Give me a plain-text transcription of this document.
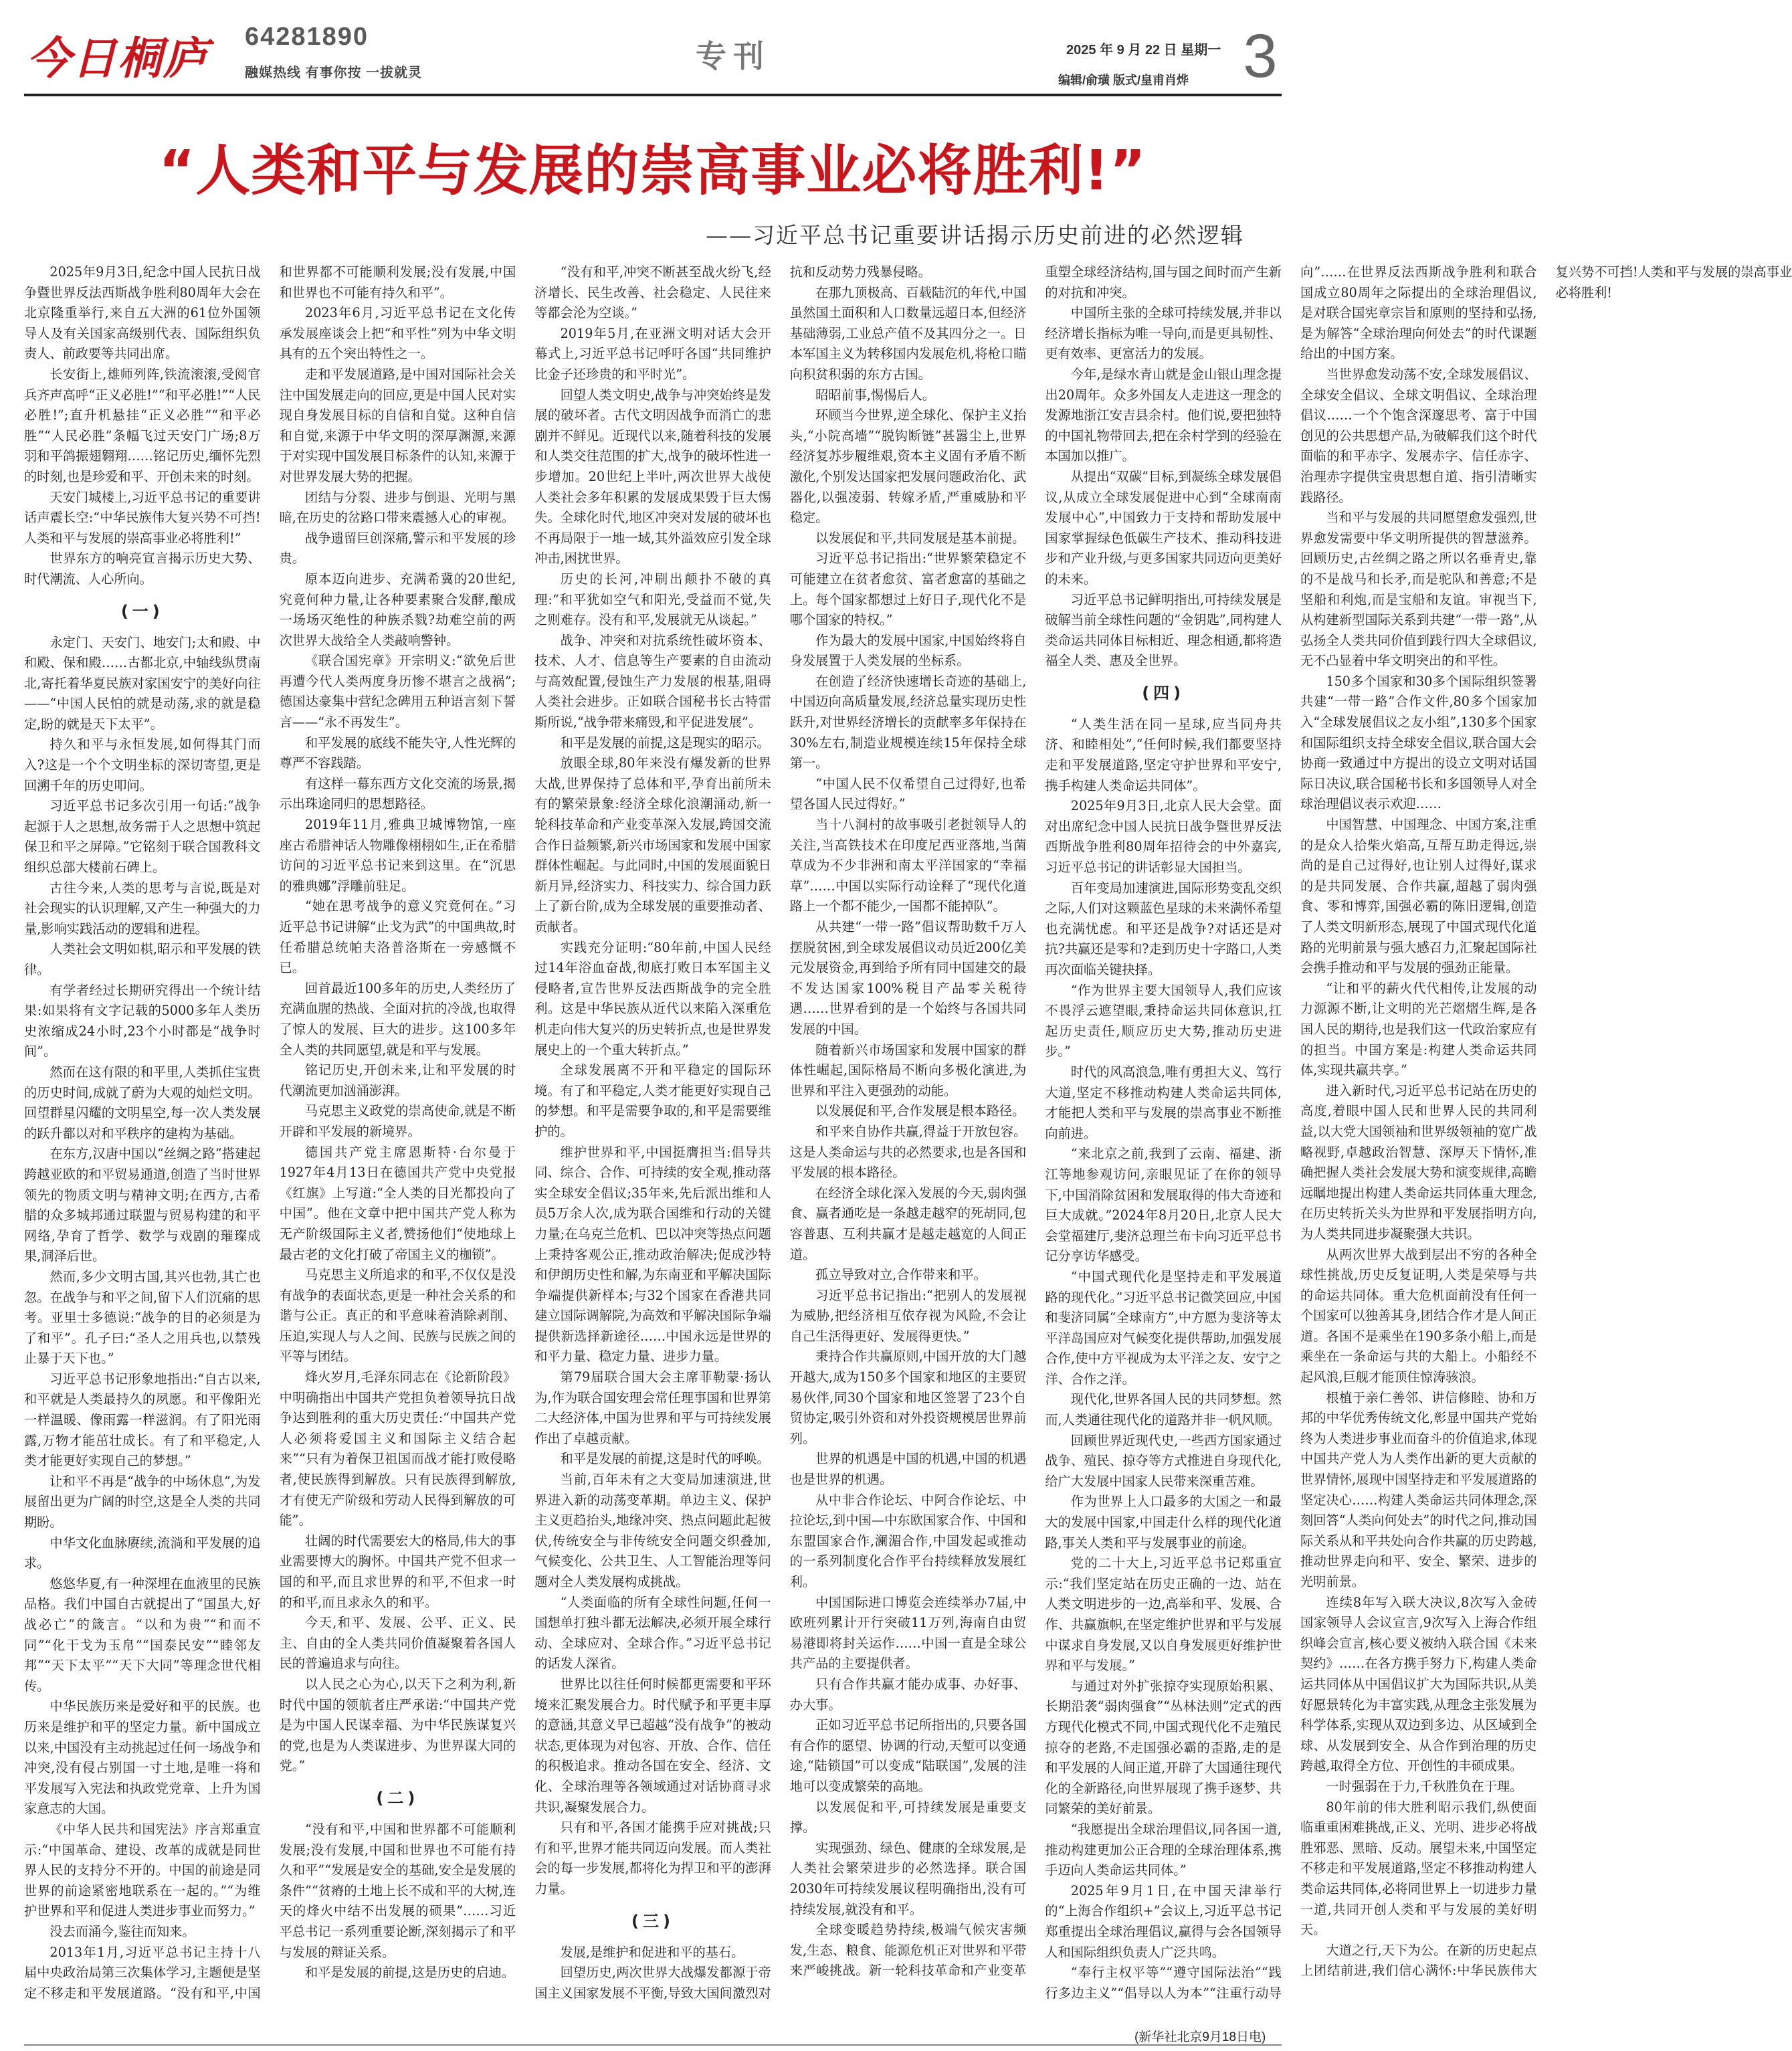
今日桐庐 64281890
融媒热线 有事你按 一拔就灵	专刊	2025 年 9 月 22 日 星期一
编辑/俞璜 版式/皇甫肖烨 3
“人类和平与发展的崇高事业必将胜利!”
——习近平总书记重要讲话揭示历史前进的必然逻辑

2025年9月3日,纪念中国人民抗日战争暨世界反法西斯战争胜利80周年大会在北京隆重举行,来自五大洲的61位外国领导人及有关国家高级别代表、国际组织负责人、前政要等共同出席。

长安街上,雄师列阵,铁流滚滚,受阅官兵齐声高呼“正义必胜!”“和平必胜!”“人民必胜!”;直升机悬挂“正义必胜”“和平必胜”“人民必胜”条幅飞过天安门广场;8万羽和平鸽振翅翱翔……铭记历史,缅怀先烈的时刻,也是珍爱和平、开创未来的时刻。

天安门城楼上,习近平总书记的重要讲话声震长空:“中华民族伟大复兴势不可挡!人类和平与发展的崇高事业必将胜利!”

世界东方的响亮宣言揭示历史大势、时代潮流、人心所向。

(一)

永定门、天安门、地安门;太和殿、中和殿、保和殿……古都北京,中轴线纵贯南北,寄托着华夏民族对家国安宁的美好向往——“中国人民怕的就是动荡,求的就是稳定,盼的就是天下太平”。

持久和平与永恒发展,如何得其门而入?这是一个个文明坐标的深切寄望,更是回溯千年的历史叩问。

习近平总书记多次引用一句话:“战争起源于人之思想,故务需于人之思想中筑起保卫和平之屏障。”它铭刻于联合国教科文组织总部大楼前石碑上。

古往今来,人类的思考与言说,既是对社会现实的认识理解,又产生一种强大的力量,影响实践活动的逻辑和进程。

人类社会文明如棋,昭示和平发展的铁律。

有学者经过长期研究得出一个统计结果:如果将有文字记载的5000多年人类历史浓缩成24小时,23个小时都是“战争时间”。

然而在这有限的和平里,人类抓住宝贵的历史时间,成就了蔚为大观的灿烂文明。回望群星闪耀的文明星空,每一次人类发展的跃升都以对和平秩序的建构为基础。

在东方,汉唐中国以“丝绸之路”搭建起跨越亚欧的和平贸易通道,创造了当时世界领先的物质文明与精神文明;在西方,古希腊的众多城邦通过联盟与贸易构建的和平网络,孕育了哲学、数学与戏剧的璀璨成果,洞泽后世。

然而,多少文明古国,其兴也勃,其亡也忽。在战争与和平之间,留下人们沉痛的思考。亚里士多德说:“战争的目的必须是为了和平”。孔子曰:“圣人之用兵也,以禁残止暴于天下也。”

习近平总书记形象地指出:“自古以来,和平就是人类最持久的夙愿。和平像阳光一样温暖、像雨露一样滋润。有了阳光雨露,万物才能茁壮成长。有了和平稳定,人类才能更好实现自己的梦想。”

让和平不再是“战争的中场休息”,为发展留出更为广阔的时空,这是全人类的共同期盼。

中华文化血脉赓续,流淌和平发展的追求。

悠悠华夏,有一种深埋在血液里的民族品格。我们中国自古就提出了“国虽大,好战必亡”的箴言。“以和为贵”“和而不同”“化干戈为玉帛”“国泰民安”“睦邻友邦”“天下太平”“天下大同”等理念世代相传。

中华民族历来是爱好和平的民族。也历来是维护和平的坚定力量。新中国成立以来,中国没有主动挑起过任何一场战争和冲突,没有侵占别国一寸土地,是唯一将和平发展写入宪法和执政党党章、上升为国家意志的大国。

《中华人民共和国宪法》序言郑重宣示:“中国革命、建设、改革的成就是同世界人民的支持分不开的。中国的前途是同世界的前途紧密地联系在一起的。”“为维护世界和平和促进人类进步事业而努力。”

没去而涌今,鉴往而知来。

2013年1月,习近平总书记主持十八届中央政治局第三次集体学习,主题便是坚定不移走和平发展道路。“没有和平,中国和世界都不可能顺利发展;没有发展,中国和世界也不可能有持久和平”。

2023年6月,习近平总书记在文化传承发展座谈会上把“和平性”列为中华文明具有的五个突出特性之一。

走和平发展道路,是中国对国际社会关注中国发展走向的回应,更是中国人民对实现自身发展目标的自信和自觉。这种自信和自觉,来源于中华文明的深厚渊源,来源于对实现中国发展目标条件的认知,来源于对世界发展大势的把握。

团结与分裂、进步与倒退、光明与黑暗,在历史的岔路口带来震撼人心的审视。

战争遗留巨创深痛,警示和平发展的珍贵。

原本迈向进步、充满希冀的20世纪,究竟何种力量,让各种要素聚合发酵,酿成一场场灭绝性的种族杀戮?劫难空前的两次世界大战给全人类敲响警钟。

《联合国宪章》开宗明义:“欲免后世再遭今代人类两度身历惨不堪言之战祸”;德国达豪集中营纪念碑用五种语言刻下誓言——“永不再发生”。

和平发展的底线不能失守,人性光辉的尊严不容践踏。

有这样一幕东西方文化交流的场景,揭示出珠途同归的思想路径。

2019年11月,雅典卫城博物馆,一座座古希腊神话人物雕像栩栩如生,正在希腊访问的习近平总书记来到这里。在“沉思的雅典娜”浮雕前驻足。

“她在思考战争的意义究竟何在。”习近平总书记讲解“止戈为武”的中国典故,时任希腊总统帕夫洛普洛斯在一旁感慨不已。

回首最近100多年的历史,人类经历了充满血腥的热战、全面对抗的冷战,也取得了惊人的发展、巨大的进步。这100多年全人类的共同愿望,就是和平与发展。

铭记历史,开创未来,让和平发展的时代潮流更加汹涌澎湃。

马克思主义政党的崇高使命,就是不断开辟和平发展的新境界。

德国共产党主席恩斯特·台尔曼于1927年4月13日在德国共产党中央党报《红旗》上写道:“全人类的目光都投向了中国”。他在文章中把中国共产党人称为无产阶级国际主义者,赞扬他们“使地球上最古老的文化打破了帝国主义的枷锁”。

马克思主义所追求的和平,不仅仅是没有战争的表面状态,更是一种社会关系的和谐与公正。真正的和平意味着消除剥削、压迫,实现人与人之间、民族与民族之间的平等与团结。

烽火岁月,毛泽东同志在《论新阶段》中明确指出中国共产党担负着领导抗日战争达到胜利的重大历史责任:“中国共产党人必须将爱国主义和国际主义结合起来”“只有为着保卫祖国而战才能打败侵略者,使民族得到解放。只有民族得到解放,才有使无产阶级和劳动人民得到解放的可能”。

壮阔的时代需要宏大的格局,伟大的事业需要博大的胸怀。中国共产党不但求一国的和平,而且求世界的和平,不但求一时的和平,而且求永久的和平。

今天,和平、发展、公平、正义、民主、自由的全人类共同价值凝聚着各国人民的普遍追求与向往。

以人民之心为心,以天下之利为利,新时代中国的领航者庄严承诺:“中国共产党是为中国人民谋幸福、为中华民族谋复兴的党,也是为人类谋进步、为世界谋大同的党。”

(二)

“没有和平,中国和世界都不可能顺利发展;没有发展,中国和世界也不可能有持久和平”“发展是安全的基础,安全是发展的条件”“贫瘠的土地上长不成和平的大树,连天的烽火中结不出发展的硕果”……习近平总书记一系列重要论断,深刻揭示了和平与发展的辩证关系。

和平是发展的前提,这是历史的启迪。

“没有和平,冲突不断甚至战火纷飞,经济增长、民生改善、社会稳定、人民往来等都会沦为空谈。”

2019年5月,在亚洲文明对话大会开幕式上,习近平总书记呼吁各国“共同维护比金子还珍贵的和平时光”。

回望人类文明史,战争与冲突始终是发展的破坏者。古代文明因战争而消亡的悲剧并不鲜见。近现代以来,随着科技的发展和人类交往范围的扩大,战争的破坏性进一步增加。20世纪上半叶,两次世界大战使人类社会多年积累的发展成果毁于巨大惕失。全球化时代,地区冲突对发展的破坏也不再局限于一地一域,其外溢效应引发全球冲击,困扰世界。

历史的长河,冲刷出颠扑不破的真理:“和平犹如空气和阳光,受益而不觉,失之则难存。没有和平,发展就无从谈起。”

战争、冲突和对抗系统性破坏资本、技术、人才、信息等生产要素的自由流动与高效配置,侵蚀生产力发展的根基,阻碍人类社会进步。正如联合国秘书长古特雷斯所说,“战争带来痛毁,和平促进发展”。

和平是发展的前提,这是现实的昭示。

放眼全球,80年来没有爆发新的世界大战,世界保持了总体和平,孕育出前所未有的繁荣景象:经济全球化浪潮涌动,新一轮科技革命和产业变革深入发展,跨国交流合作日益频繁,新兴市场国家和发展中国家群体性崛起。与此同时,中国的发展面貌日新月异,经济实力、科技实力、综合国力跃上了新台阶,成为全球发展的重要推动者、贡献者。

实践充分证明:“80年前,中国人民经过14年浴血奋战,彻底打败日本军国主义侵略者,宣告世界反法西斯战争的完全胜利。这是中华民族从近代以来陷入深重危机走向伟大复兴的历史转折点,也是世界发展史上的一个重大转折点。”

全球发展离不开和平稳定的国际环境。有了和平稳定,人类才能更好实现自己的梦想。和平是需要争取的,和平是需要维护的。

维护世界和平,中国挺膺担当:倡导共同、综合、合作、可持续的安全观,推动落实全球安全倡议;35年来,先后派出维和人员5万余人次,成为联合国维和行动的关键力量;在乌克兰危机、巴以冲突等热点问题上秉持客观公正,推动政治解决;促成沙特和伊朗历史性和解,为东南亚和平解决国际争端提供新样本;与32个国家在香港共同建立国际调解院,为高效和平解决国际争端提供新选择新途径……中国永远是世界的和平力量、稳定力量、进步力量。

第79届联合国大会主席菲勒蒙·扬认为,作为联合国安理会常任理事国和世界第二大经济体,中国为世界和平与可持续发展作出了卓越贡献。

和平是发展的前提,这是时代的呼唤。

当前,百年未有之大变局加速演进,世界进入新的动荡变革期。单边主义、保护主义更趋抬头,地缘冲突、热点问题此起彼伏,传统安全与非传统安全问题交织叠加,气候变化、公共卫生、人工智能治理等问题对全人类发展构成挑战。

“人类面临的所有全球性问题,任何一国想单打独斗都无法解决,必须开展全球行动、全球应对、全球合作。”习近平总书记的话发人深省。

世界比以往任何时候都更需要和平环境来汇聚发展合力。时代赋予和平更丰厚的意涵,其意义早已超越“没有战争”的被动状态,更体现为对包容、开放、合作、信任的积极追求。推动各国在安全、经济、文化、全球治理等各领域通过对话协商寻求共识,凝聚发展合力。

只有和平,各国才能携手应对挑战;只有和平,世界才能共同迈向发展。而人类社会的每一步发展,都将化为捍卫和平的澎湃力量。

(三)

发展,是维护和促进和平的基石。

回望历史,两次世界大战爆发都源于帝国主义国家发展不平衡,导致大国间激烈对抗和反动势力残暴侵略。

在那九顶极高、百载陆沉的年代,中国虽然国土面积和人口数量远超日本,但经济基础薄弱,工业总产值不及其四分之一。日本军国主义为转移国内发展危机,将枪口瞄向积贫积弱的东方古国。

昭昭前事,惕惕后人。

环顾当今世界,逆全球化、保护主义抬头,“小院高墙”“脱钩断链”甚嚣尘上,世界经济复苏步履维艰,资本主义固有矛盾不断激化,个别发达国家把发展问题政治化、武器化,以强凌弱、转嫁矛盾,严重威胁和平稳定。

以发展促和平,共同发展是基本前提。

习近平总书记指出:“世界繁荣稳定不可能建立在贫者愈贫、富者愈富的基础之上。每个国家都想过上好日子,现代化不是哪个国家的特权。”

作为最大的发展中国家,中国始终将自身发展置于人类发展的坐标系。

在创造了经济快速增长奇迹的基础上,中国迈向高质量发展,经济总量实现历史性跃升,对世界经济增长的贡献率多年保持在30%左右,制造业规模连续15年保持全球第一。

“中国人民不仅希望自己过得好,也希望各国人民过得好。”

当十八洞村的故事吸引老挝领导人的关注,当高铁技术在印度尼西亚落地,当菌草成为不少非洲和南太平洋国家的“幸福草”……中国以实际行动诠释了“现代化道路上一个都不能少,一国都不能掉队”。

从共建“一带一路”倡议帮助数千万人摆脱贫困,到全球发展倡议动员近200亿美元发展资金,再到给予所有同中国建交的最不发达国家100%税目产品零关税待遇……世界看到的是一个始终与各国共同发展的中国。

随着新兴市场国家和发展中国家的群体性崛起,国际格局不断向多极化演进,为世界和平注入更强劲的动能。

以发展促和平,合作发展是根本路径。

和平来自协作共赢,得益于开放包容。这是人类命运与共的必然要求,也是各国和平发展的根本路径。

在经济全球化深入发展的今天,弱肉强食、赢者通吃是一条越走越窄的死胡同,包容普惠、互利共赢才是越走越宽的人间正道。

孤立导致对立,合作带来和平。

习近平总书记指出:“把别人的发展视为威胁,把经济相互依存视为风险,不会让自己生活得更好、发展得更快。”

秉持合作共赢原则,中国开放的大门越开越大,成为150多个国家和地区的主要贸易伙伴,同30个国家和地区签署了23个自贸协定,吸引外资和对外投资规模居世界前列。

世界的机遇是中国的机遇,中国的机遇也是世界的机遇。

从中非合作论坛、中阿合作论坛、中拉论坛,到中国—中东欧国家合作、中国和东盟国家合作,澜湄合作,中国发起或推动的一系列制度化合作平台持续释放发展红利。

中国国际进口博览会连续举办7届,中欧班列累计开行突破11万列,海南自由贸易港即将封关运作……中国一直是全球公共产品的主要提供者。

只有合作共赢才能办成事、办好事、办大事。

正如习近平总书记所指出的,只要各国有合作的愿望、协调的行动,天堑可以变通途,“陆锁国”可以变成“陆联国”,发展的洼地可以变成繁荣的高地。

以发展促和平,可持续发展是重要支撑。

实现强劲、绿色、健康的全球发展,是人类社会繁荣进步的必然选择。联合国2030年可持续发展议程明确指出,没有可持续发展,就没有和平。

全球变暖趋势持续,极端气候灾害频发,生态、粮食、能源危机正对世界和平带来严峻挑战。新一轮科技革命和产业变革重塑全球经济结构,国与国之间时而产生新的对抗和冲突。

中国所主张的全球可持续发展,并非以经济增长指标为唯一导向,而是更具韧性、更有效率、更富活力的发展。

今年,是绿水青山就是金山银山理念提出20周年。众多外国友人走进这一理念的发源地浙江安吉县余村。他们说,要把独特的中国礼物带回去,把在余村学到的经验在本国加以推广。

从提出“双碳”目标,到凝练全球发展倡议,从成立全球发展促进中心到“全球南南发展中心”,中国致力于支持和帮助发展中国家掌握绿色低碳生产技术、推动科技进步和产业升级,与更多国家共同迈向更美好的未来。

习近平总书记鲜明指出,可持续发展是破解当前全球性问题的“金钥匙”,同构建人类命运共同体目标相近、理念相通,都将造福全人类、惠及全世界。

(四)

“人类生活在同一星球,应当同舟共济、和睦相处”,“任何时候,我们都要坚持走和平发展道路,坚定守护世界和平安宁,携手构建人类命运共同体”。

2025年9月3日,北京人民大会堂。面对出席纪念中国人民抗日战争暨世界反法西斯战争胜利80周年招待会的中外嘉宾,习近平总书记的讲话彰显大国担当。

百年变局加速演进,国际形势变乱交织之际,人们对这颗蓝色星球的未来满怀希望也充满忧虑。和平还是战争?对话还是对抗?共赢还是零和?走到历史十字路口,人类再次面临关键抉择。

“作为世界主要大国领导人,我们应该不畏浮云遮望眼,秉持命运共同体意识,扛起历史责任,顺应历史大势,推动历史进步。”

时代的风高浪急,唯有勇担大义、笃行大道,坚定不移推动构建人类命运共同体,才能把人类和平与发展的崇高事业不断推向前进。

“来北京之前,我到了云南、福建、浙江等地参观访问,亲眼见证了在你的领导下,中国消除贫困和发展取得的伟大奇迹和巨大成就。”2024年8月20日,北京人民大会堂福建厅,斐济总理兰布卡向习近平总书记分享访华感受。

“中国式现代化是坚持走和平发展道路的现代化。”习近平总书记微笑回应,中国和斐济同属“全球南方”,中方愿为斐济等太平洋岛国应对气候变化提供帮助,加强发展合作,使中方平视成为太平洋之友、安宁之洋、合作之洋。

现代化,世界各国人民的共同梦想。然而,人类通往现代化的道路并非一帆风顺。

回顾世界近现代史,一些西方国家通过战争、殖民、掠夺等方式推进自身现代化,给广大发展中国家人民带来深重苦难。

作为世界上人口最多的大国之一和最大的发展中国家,中国走什么样的现代化道路,事关人类和平与发展事业的前途。

党的二十大上,习近平总书记郑重宣示:“我们坚定站在历史正确的一边、站在人类文明进步的一边,高举和平、发展、合作、共赢旗帜,在坚定维护世界和平与发展中谋求自身发展,又以自身发展更好维护世界和平与发展。”

与通过对外扩张掠夺实现原始积累、长期沿袭“弱肉强食”“丛林法则”定式的西方现代化模式不同,中国式现代化不走殖民掠夺的老路,不走国强必霸的歪路,走的是和平发展的人间正道,开辟了大国通往现代化的全新路径,向世界展现了携手逐梦、共同繁荣的美好前景。

“我愿提出全球治理倡议,同各国一道,推动构建更加公正合理的全球治理体系,携手迈向人类命运共同体。”

2025年9月1日,在中国天津举行的“上海合作组织+”会议上,习近平总书记郑重提出全球治理倡议,赢得与会各国领导人和国际组织负责人广泛共鸣。

“奉行主权平等”“遵守国际法治”“践行多边主义”“倡导以人为本”“注重行动导向”……在世界反法西斯战争胜利和联合国成立80周年之际提出的全球治理倡议,是对联合国宪章宗旨和原则的坚持和弘扬,是为解答“全球治理向何处去”的时代课题给出的中国方案。

当世界愈发动荡不安,全球发展倡议、全球安全倡议、全球文明倡议、全球治理倡议……一个个饱含深邃思考、富于中国创见的公共思想产品,为破解我们这个时代面临的和平赤字、发展赤字、信任赤字、治理赤字提供宝贵思想自道、指引清晰实践路径。

当和平与发展的共同愿望愈发强烈,世界愈发需要中华文明所提供的智慧滋养。回顾历史,古丝绸之路之所以名垂青史,靠的不是战马和长矛,而是驼队和善意;不是坚船和利炮,而是宝船和友谊。审视当下,从构建新型国际关系到共建“一带一路”,从弘扬全人类共同价值到践行四大全球倡议,无不凸显着中华文明突出的和平性。

150多个国家和30多个国际组织签署共建“一带一路”合作文件,80多个国家加入“全球发展倡议之友小组”,130多个国家和国际组织支持全球安全倡议,联合国大会协商一致通过中方提出的设立文明对话国际日决议,联合国秘书长和多国领导人对全球治理倡议表示欢迎……

中国智慧、中国理念、中国方案,注重的是众人拾柴火焰高,互帮互助走得远,崇尚的是自己过得好,也让别人过得好,谋求的是共同发展、合作共赢,超越了弱肉强食、零和博弈,国强必霸的陈旧逻辑,创造了人类文明新形态,展现了中国式现代化道路的光明前景与强大感召力,汇聚起国际社会携手推动和平与发展的强劲正能量。

“让和平的薪火代代相传,让发展的动力源源不断,让文明的光芒熠熠生辉,是各国人民的期待,也是我们这一代政治家应有的担当。中国方案是:构建人类命运共同体,实现共赢共享。”

进入新时代,习近平总书记站在历史的高度,着眼中国人民和世界人民的共同利益,以大党大国领袖和世界级领袖的宽广战略视野,卓越政治智慧、深厚天下情怀,准确把握人类社会发展大势和演变规律,高瞻远瞩地提出构建人类命运共同体重大理念,在历史转折关头为世界和平发展指明方向,为人类共同进步凝聚强大共识。

从两次世界大战到层出不穷的各种全球性挑战,历史反复证明,人类是荣辱与共的命运共同体。重大危机面前没有任何一个国家可以独善其身,团结合作才是人间正道。各国不是乘坐在190多条小船上,而是乘坐在一条命运与共的大船上。小船经不起风浪,巨舰才能顶住惊涛骇浪。

根植于亲仁善邻、讲信修睦、协和万邦的中华优秀传统文化,彰显中国共产党始终为人类进步事业而奋斗的价值追求,体现中国共产党人为人类作出新的更大贡献的世界情怀,展现中国坚持走和平发展道路的坚定决心……构建人类命运共同体理念,深刻回答“人类向何处去”的时代之问,推动国际关系从和平共处向合作共赢的历史跨越,推动世界走向和平、安全、繁荣、进步的光明前景。

连续8年写入联大决议,8次写入金砖国家领导人会议宣言,9次写入上海合作组织峰会宣言,核心要义被纳入联合国《未来契约》……在各方携手努力下,构建人类命运共同体从中国倡议扩大为国际共识,从美好愿景转化为丰富实践,从理念主张发展为科学体系,实现从双边到多边、从区域到全球、从发展到安全、从合作到治理的历史跨越,取得全方位、开创性的丰硕成果。

一时强弱在于力,千秋胜负在于理。

80年前的伟大胜利昭示我们,纵使面临重重困难挑战,正义、光明、进步必将战胜邪恶、黑暗、反动。展望未来,中国坚定不移走和平发展道路,坚定不移推动构建人类命运共同体,必将同世界上一切进步力量一道,共同开创人类和平与发展的美好明天。

大道之行,天下为公。在新的历史起点上团结前进,我们信心满怀:中华民族伟大复兴势不可挡!人类和平与发展的崇高事业必将胜利!

(新华社北京9月18日电)
